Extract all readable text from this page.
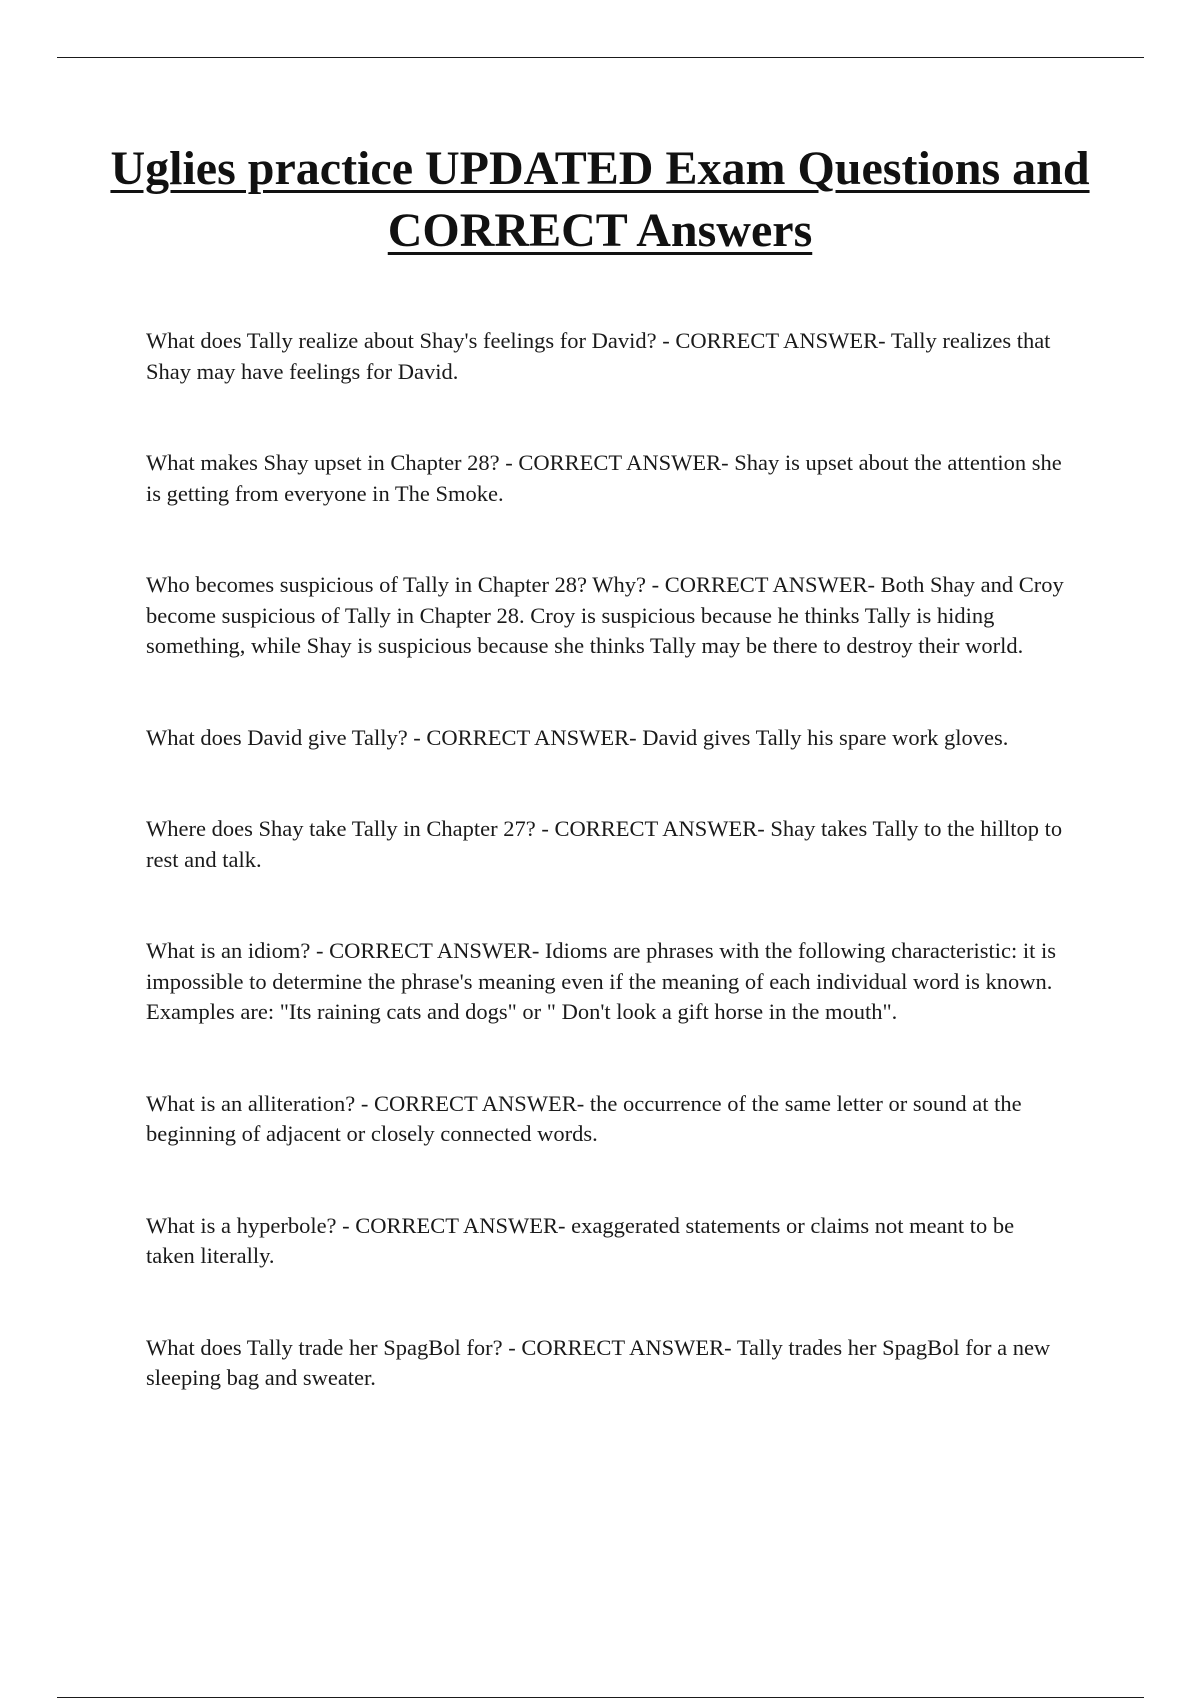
Uglies practice UPDATED Exam Questions and CORRECT Answers
What does Tally realize about Shay's feelings for David? - CORRECT ANSWER- Tally realizes that Shay may have feelings for David.
What makes Shay upset in Chapter 28? - CORRECT ANSWER- Shay is upset about the attention she is getting from everyone in The Smoke.
Who becomes suspicious of Tally in Chapter 28? Why? - CORRECT ANSWER- Both Shay and Croy become suspicious of Tally in Chapter 28. Croy is suspicious because he thinks Tally is hiding something, while Shay is suspicious because she thinks Tally may be there to destroy their world.
What does David give Tally? - CORRECT ANSWER- David gives Tally his spare work gloves.
Where does Shay take Tally in Chapter 27? - CORRECT ANSWER- Shay takes Tally to the hilltop to rest and talk.
What is an idiom? - CORRECT ANSWER- Idioms are phrases with the following characteristic: it is impossible to determine the phrase's meaning even if the meaning of each individual word is known. Examples are: "Its raining cats and dogs" or " Don't look a gift horse in the mouth".
What is an alliteration? - CORRECT ANSWER- the occurrence of the same letter or sound at the beginning of adjacent or closely connected words.
What is a hyperbole? - CORRECT ANSWER- exaggerated statements or claims not meant to be taken literally.
What does Tally trade her SpagBol for? - CORRECT ANSWER- Tally trades her SpagBol for a new sleeping bag and sweater.
